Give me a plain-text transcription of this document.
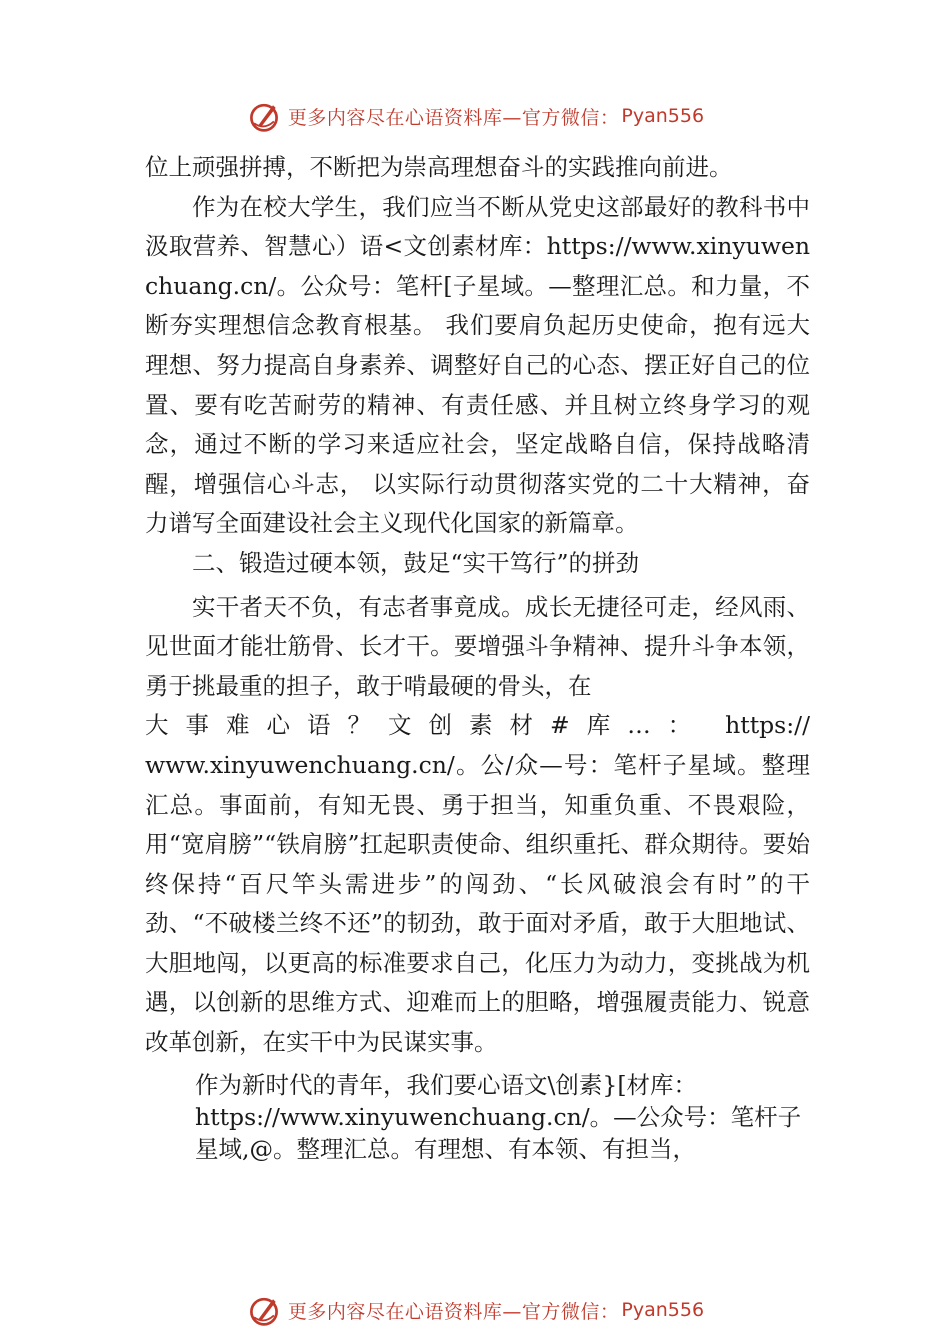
更多内容尽在心语资料库—官方微信： Pyan556

位上顽强拼搏，不断把为崇高理想奋斗的实践推向前进。

作为在校大学生，我们应当不断从党史这部最好的教科书中汲取营养、智慧心）语<文创素材库：https://www.xinyuwenchuang.cn/。公众号：笔杆[子星域。—整理汇总。和力量，不断夯实理想信念教育根基。 我们要肩负起历史使命，抱有远大理想、努力提高自身素养、调整好自己的心态、摆正好自己的位置、要有吃苦耐劳的精神、有责任感、并且树立终身学习的观念，通过不断的学习来适应社会，坚定战略自信，保持战略清醒，增强信心斗志， 以实际行动贯彻落实党的二十大精神，奋力谱写全面建设社会主义现代化国家的新篇章。

二、锻造过硬本领，鼓足“实干笃行”的拼劲

实干者天不负，有志者事竟成。成长无捷径可走，经风雨、见世面才能壮筋骨、长才干。要增强斗争精神、提升斗争本领，勇于挑最重的担子，敢于啃最硬的骨头，在

大事难心语？文创素材#库…： https://

www.xinyuwenchuang.cn/。公/众—号：笔杆子星域。整理汇总。事面前，有知无畏、勇于担当，知重负重、不畏艰险，用“宽肩膀”“铁肩膀”扛起职责使命、组织重托、群众期待。要始终保持“百尺竿头需进步”的闯劲、“长风破浪会有时”的干劲、“不破楼兰终不还”的韧劲，敢于面对矛盾，敢于大胆地试、大胆地闯，以更高的标准要求自己，化压力为动力，变挑战为机遇，以创新的思维方式、迎难而上的胆略，增强履责能力、锐意改革创新，在实干中为民谋实事。

作为新时代的青年，我们要心语文\创素}[材库：
https://www.xinyuwenchuang.cn/。—公众号：笔杆子
星域,@。整理汇总。有理想、有本领、有担当，
更多内容尽在心语资料库—官方微信： Pyan556
